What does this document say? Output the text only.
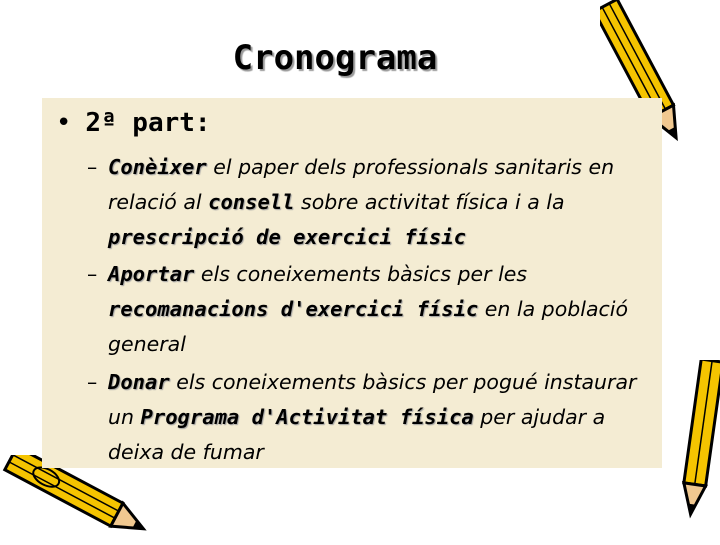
Cronograma
• 2ª part:
– Conèixer el paper dels professionals sanitaris en relació al consell sobre activitat física i a la prescripció de exercici físic
– Aportar els coneixements bàsics per les recomanacions d'exercici físic en la població general
– Donar els coneixements bàsics per pogué instaurar un Programa d'Activitat física per ajudar a deixa de fumar
